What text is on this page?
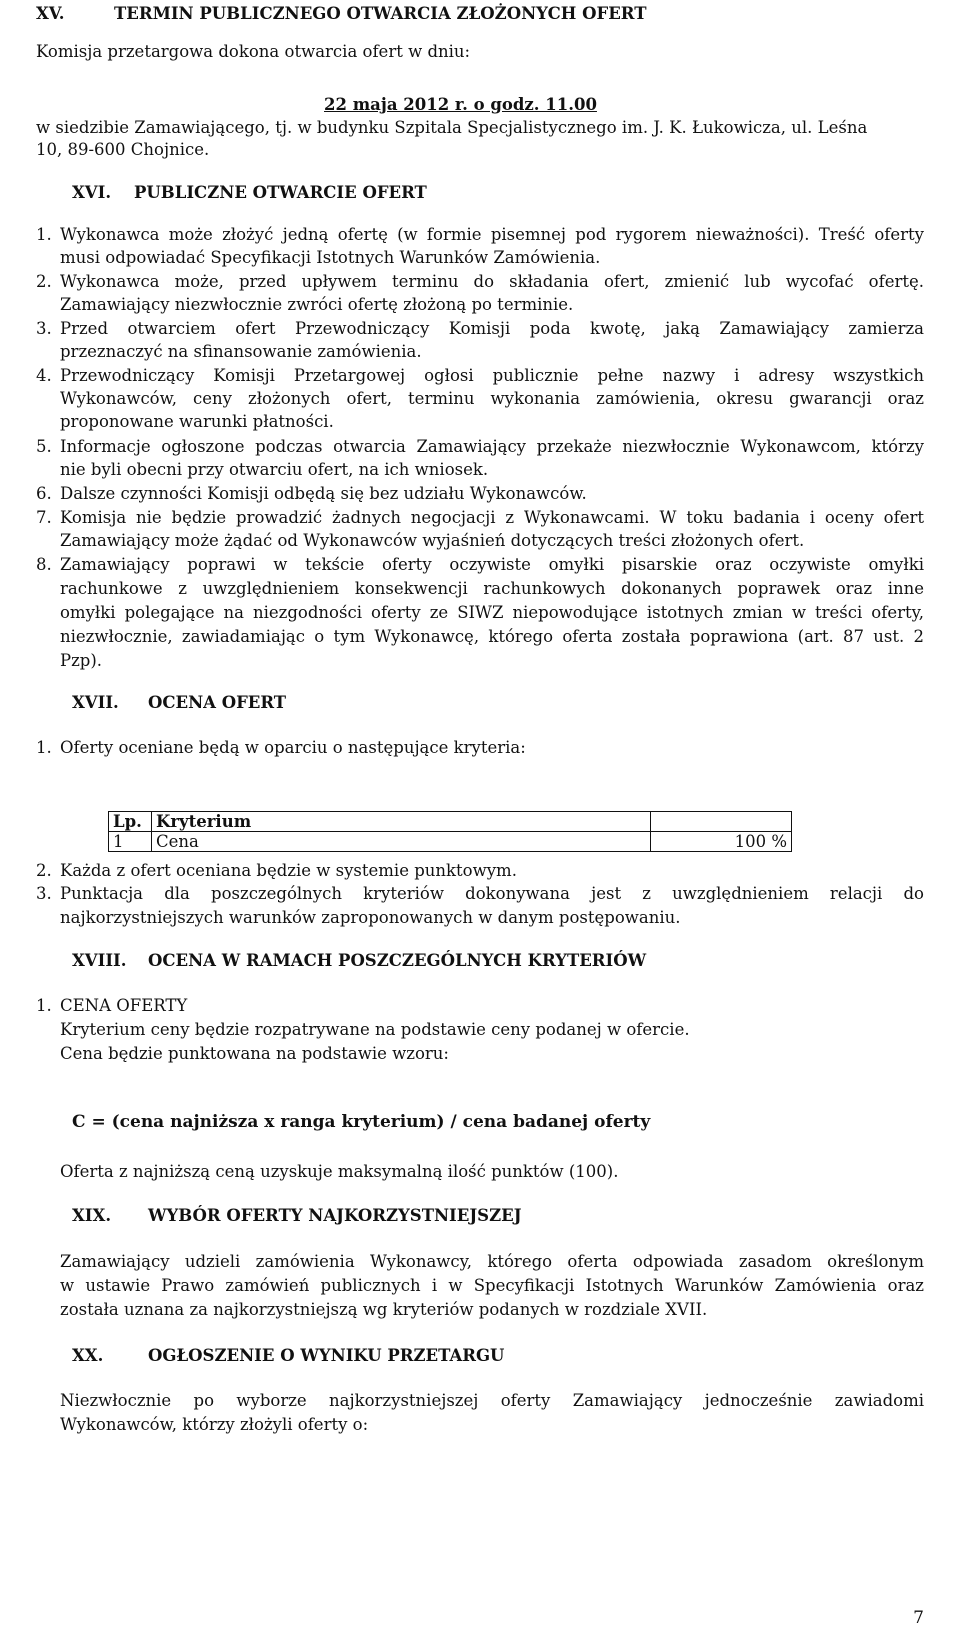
XV.	TERMIN PUBLICZNEGO OTWARCIA ZŁOŻONYCH OFERT
Komisja przetargowa dokona otwarcia ofert w dniu:
22 maja 2012 r. o godz. 11.00
w siedzibie Zamawiającego, tj. w budynku Szpitala Specjalistycznego im. J. K. Łukowicza, ul. Leśna
10, 89-600 Chojnice.
XVI. PUBLICZNE OTWARCIE OFERT
1. Wykonawca może złożyć jedną ofertę (w formie pisemnej pod rygorem nieważności). Treść oferty
musi odpowiadać Specyfikacji Istotnych Warunków Zamówienia.
2. Wykonawca może, przed upływem terminu do składania ofert, zmienić lub wycofać ofertę.
Zamawiający niezwłocznie zwróci ofertę złożoną po terminie.
3. Przed otwarciem ofert Przewodniczący Komisji poda kwotę, jaką Zamawiający zamierza
przeznaczyć na sfinansowanie zamówienia.
4. Przewodniczący Komisji Przetargowej ogłosi publicznie pełne nazwy i adresy wszystkich
Wykonawców, ceny złożonych ofert, terminu wykonania zamówienia, okresu gwarancji oraz
proponowane warunki płatności.
5. Informacje ogłoszone podczas otwarcia Zamawiający przekaże niezwłocznie Wykonawcom, którzy
nie byli obecni przy otwarciu ofert, na ich wniosek.
6. Dalsze czynności Komisji odbędą się bez udziału Wykonawców.
7. Komisja nie będzie prowadzić żadnych negocjacji z Wykonawcami. W toku badania i oceny ofert
Zamawiający może żądać od Wykonawców wyjaśnień dotyczących treści złożonych ofert.
8. Zamawiający poprawi w tekście oferty oczywiste omyłki pisarskie oraz oczywiste omyłki
rachunkowe z uwzględnieniem konsekwencji rachunkowych dokonanych poprawek oraz inne
omyłki polegające na niezgodności oferty ze SIWZ niepowodujące istotnych zmian w treści oferty,
niezwłocznie, zawiadamiając o tym Wykonawcę, którego oferta została poprawiona (art. 87 ust. 2
Pzp).
XVII. OCENA OFERT
1. Oferty oceniane będą w oparciu o następujące kryteria:
Lp.	Kryterium	
1	Cena	100 %
2. Każda z ofert oceniana będzie w systemie punktowym.
3. Punktacja dla poszczególnych kryteriów dokonywana jest z uwzględnieniem relacji do
najkorzystniejszych warunków zaproponowanych w danym postępowaniu.
XVIII. OCENA W RAMACH POSZCZEGÓLNYCH KRYTERIÓW
1. CENA OFERTY
Kryterium ceny będzie rozpatrywane na podstawie ceny podanej w ofercie.
Cena będzie punktowana na podstawie wzoru:
C = (cena najniższa x ranga kryterium) / cena badanej oferty
Oferta z najniższą ceną uzyskuje maksymalną ilość punktów (100).
XIX. WYBÓR OFERTY NAJKORZYSTNIEJSZEJ
Zamawiający udzieli zamówienia Wykonawcy, którego oferta odpowiada zasadom określonym
w ustawie Prawo zamówień publicznych i w Specyfikacji Istotnych Warunków Zamówienia oraz
została uznana za najkorzystniejszą wg kryteriów podanych w rozdziale XVII.
XX.	OGŁOSZENIE O WYNIKU PRZETARGU
Niezwłocznie po wyborze najkorzystniejszej oferty Zamawiający jednocześnie zawiadomi
Wykonawców, którzy złożyli oferty o:
7
